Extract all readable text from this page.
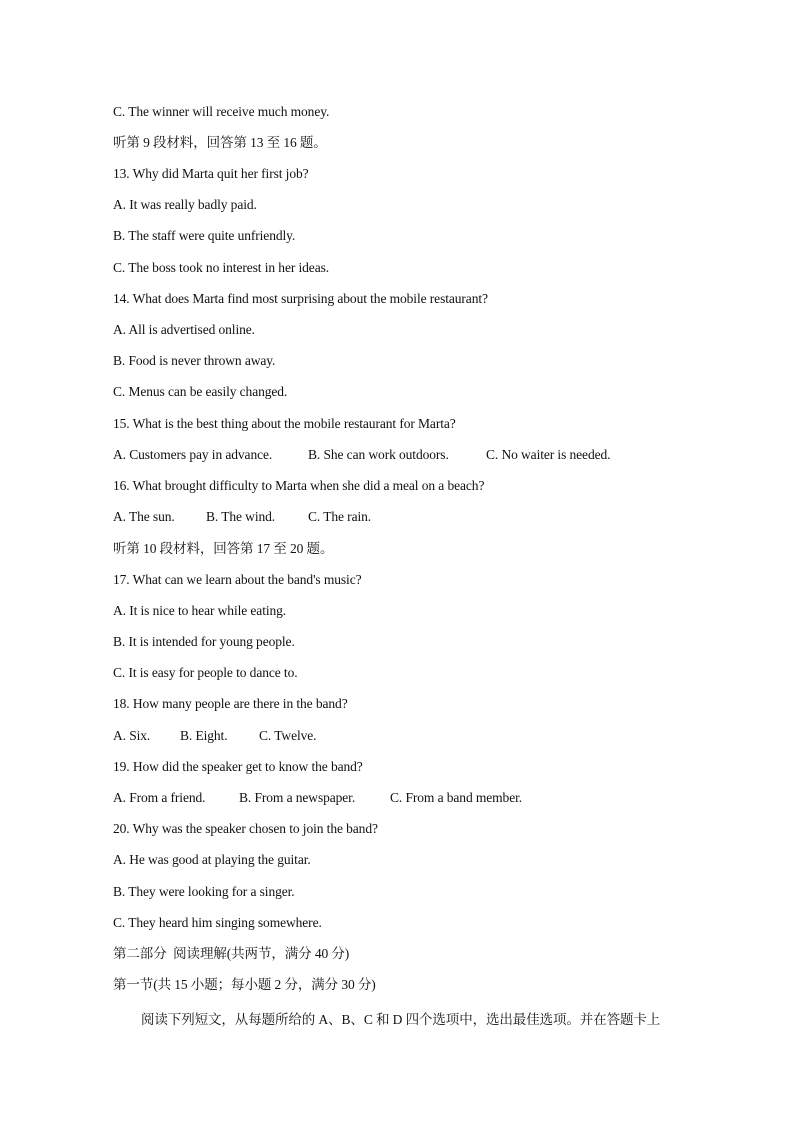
C. The winner will receive much money.
听第 9 段材料，回答第 13 至 16 题。
13. Why did Marta quit her first job?
A. It was really badly paid.
B. The staff were quite unfriendly.
C. The boss took no interest in her ideas.
14. What does Marta find most surprising about the mobile restaurant?
A. All is advertised online.
B. Food is never thrown away.
C. Menus can be easily changed.
15. What is the best thing about the mobile restaurant for Marta?
A. Customers pay in advance.	B. She can work outdoors.	C. No waiter is needed.
16. What brought difficulty to Marta when she did a meal on a beach?
A. The sun.	B. The wind.	C. The rain.
听第 10 段材料，回答第 17 至 20 题。
17. What can we learn about the band's music?
A. It is nice to hear while eating.
B. It is intended for young people.
C. It is easy for people to dance to.
18. How many people are there in the band?
A. Six.	B. Eight.	C. Twelve.
19. How did the speaker get to know the band?
A. From a friend.	B. From a newspaper.	C. From a band member.
20. Why was the speaker chosen to join the band?
A. He was good at playing the guitar.
B. They were looking for a singer.
C. They heard him singing somewhere.
第二部分  阅读理解(共两节，满分 40 分)
第一节(共 15 小题；每小题 2 分，满分 30 分)
阅读下列短文，从每题所给的 A、B、C 和 D 四个选项中，选出最佳选项。并在答题卡上
